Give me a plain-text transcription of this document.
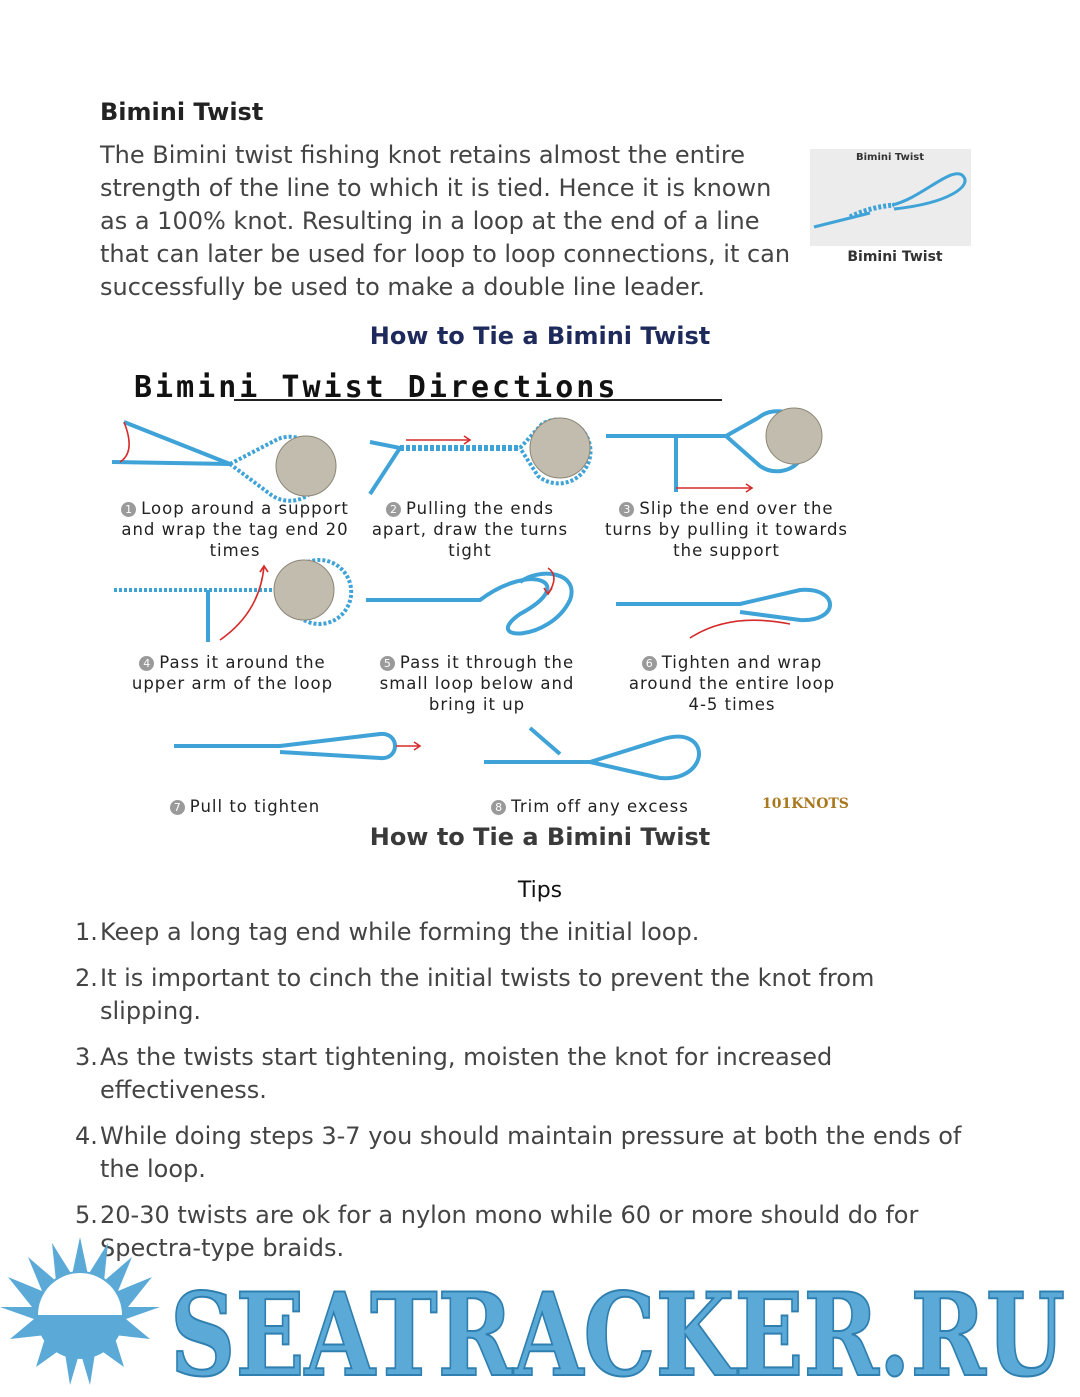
Bimini Twist
The Bimini twist fishing knot retains almost the entire strength of the line to which it is tied. Hence it is known as a 100% knot. Resulting in a loop at the end of a line that can later be used for loop to loop connections, it can successfully be used to make a double line leader.
Bimini Twist
Bimini Twist
How to Tie a Bimini Twist
Bimini Twist Directions
1 Loop around a support and wrap the tag end 20 times
2 Pulling the ends apart, draw the turns tight
3 Slip the end over the turns by pulling it towards the support
4 Pass it around the upper arm of the loop
5 Pass it through the small loop below and bring it up
6 Tighten and wrap around the entire loop 4-5 times
7 Pull to tighten	8 Trim off any excess	101KNOTS
How to Tie a Bimini Twist
Tips
1. Keep a long tag end while forming the initial loop.
2. It is important to cinch the initial twists to prevent the knot from slipping.
3. As the twists start tightening, moisten the knot for increased effectiveness.
4. While doing steps 3-7 you should maintain pressure at both the ends of the loop.
5. 20-30 twists are ok for a nylon mono while 60 or more should do for Spectra-type braids.
SEATRACKER.RU
